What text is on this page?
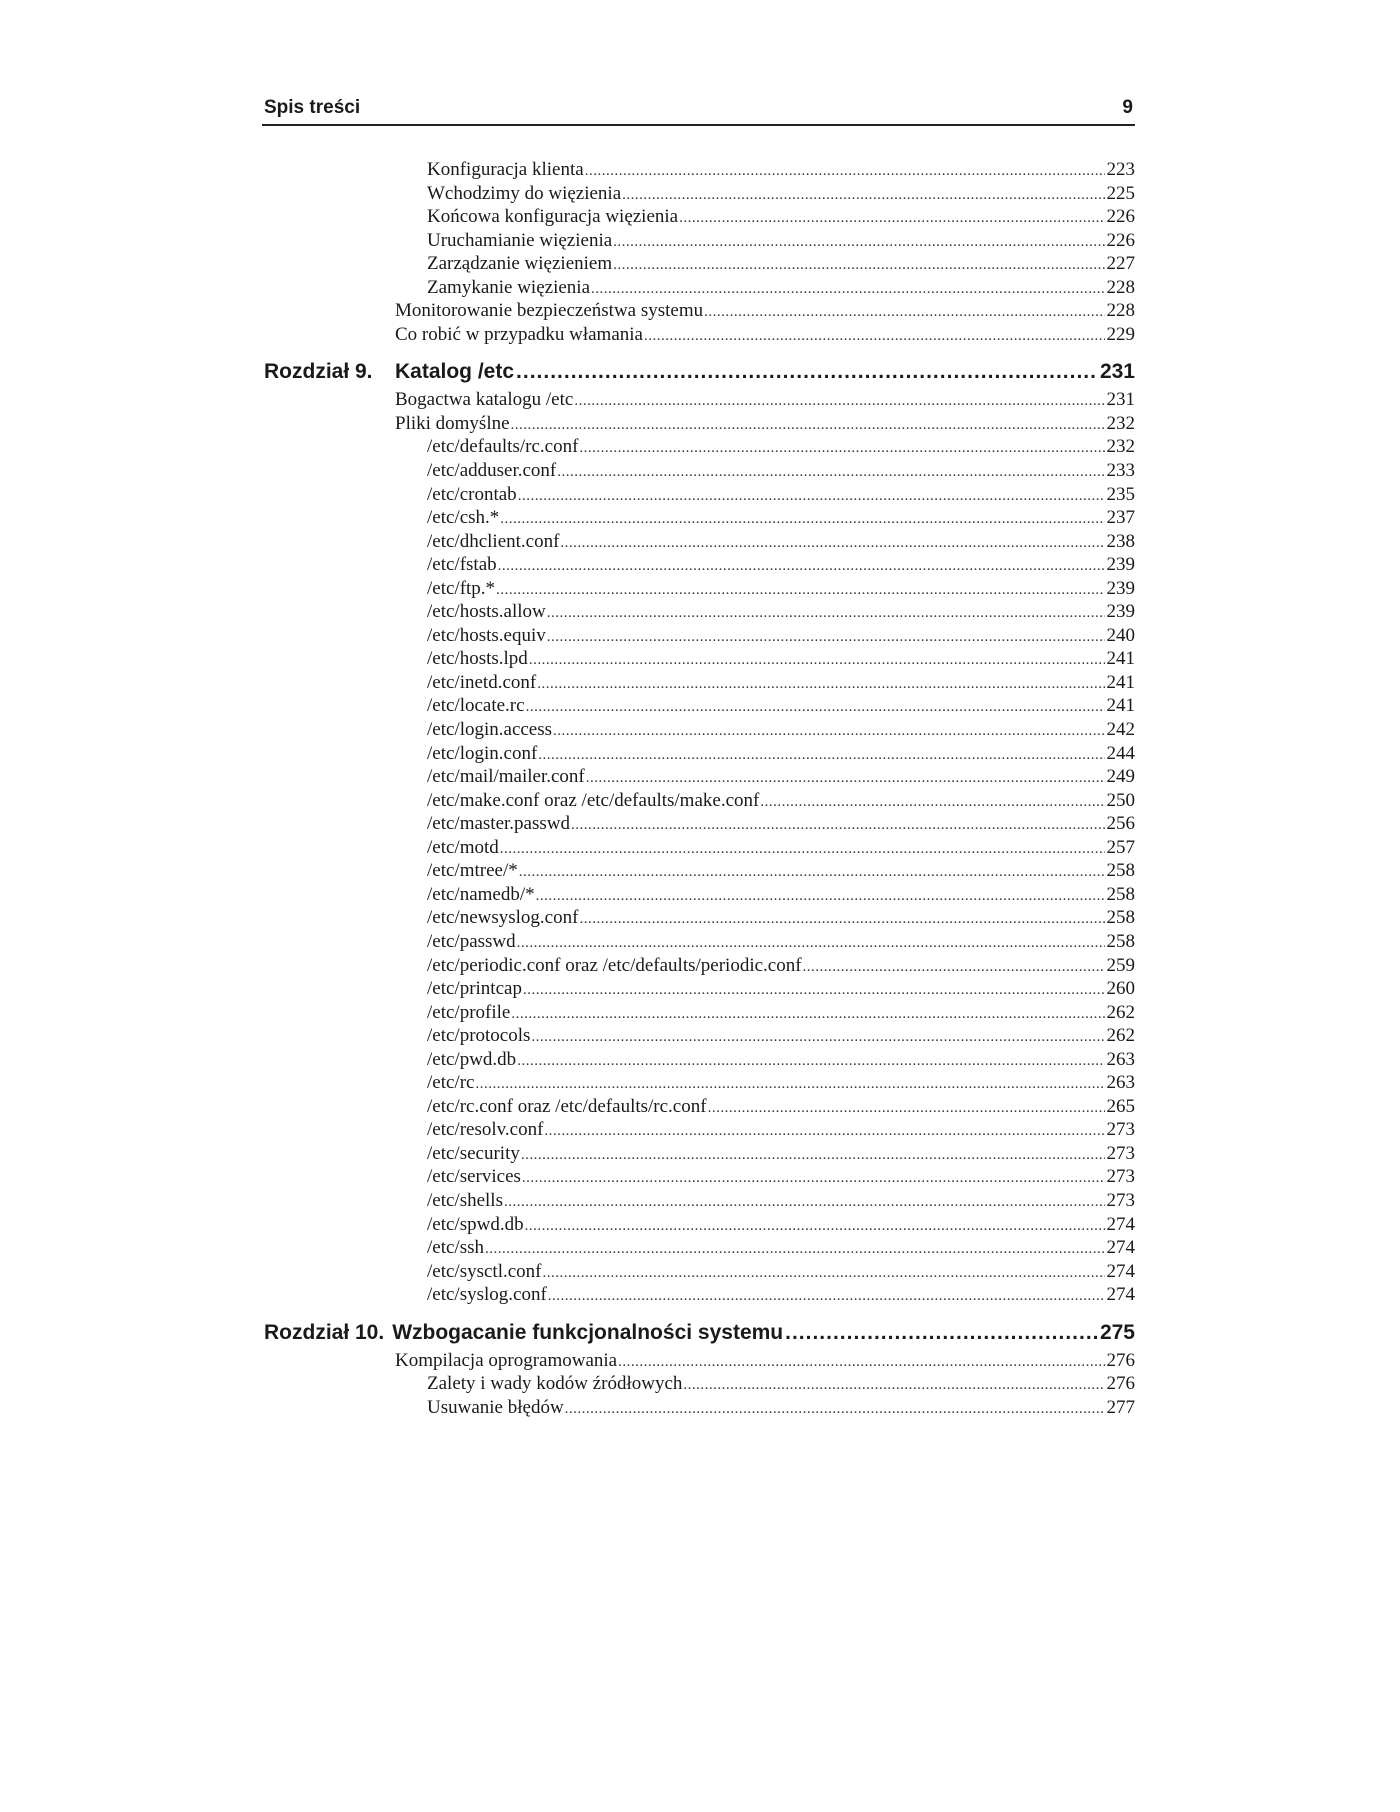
Spis treści	9
Konfiguracja klienta .....	223
Wchodzimy do więzienia .....	225
Końcowa konfiguracja więzienia .....	226
Uruchamianie więzienia .....	226
Zarządzanie więzieniem .....	227
Zamykanie więzienia .....	228
Monitorowanie bezpieczeństwa systemu .....	228
Co robić w przypadku włamania .....	229
Rozdział 9.	Katalog /etc .....	231
Bogactwa katalogu /etc .....	231
Pliki domyślne .....	232
/etc/defaults/rc.conf .....	232
/etc/adduser.conf .....	233
/etc/crontab .....	235
/etc/csh.* .....	237
/etc/dhclient.conf .....	238
/etc/fstab .....	239
/etc/ftp.* .....	239
/etc/hosts.allow .....	239
/etc/hosts.equiv .....	240
/etc/hosts.lpd .....	241
/etc/inetd.conf .....	241
/etc/locate.rc .....	241
/etc/login.access .....	242
/etc/login.conf .....	244
/etc/mail/mailer.conf .....	249
/etc/make.conf oraz /etc/defaults/make.conf .....	250
/etc/master.passwd .....	256
/etc/motd .....	257
/etc/mtree/* .....	258
/etc/namedb/* .....	258
/etc/newsyslog.conf .....	258
/etc/passwd .....	258
/etc/periodic.conf oraz /etc/defaults/periodic.conf .....	259
/etc/printcap .....	260
/etc/profile .....	262
/etc/protocols .....	262
/etc/pwd.db .....	263
/etc/rc .....	263
/etc/rc.conf oraz /etc/defaults/rc.conf .....	265
/etc/resolv.conf .....	273
/etc/security .....	273
/etc/services .....	273
/etc/shells .....	273
/etc/spwd.db .....	274
/etc/ssh .....	274
/etc/sysctl.conf .....	274
/etc/syslog.conf .....	274
Rozdział 10. Wzbogacanie funkcjonalności systemu .....	275
Kompilacja oprogramowania .....	276
Zalety i wady kodów źródłowych .....	276
Usuwanie błędów .....	277
